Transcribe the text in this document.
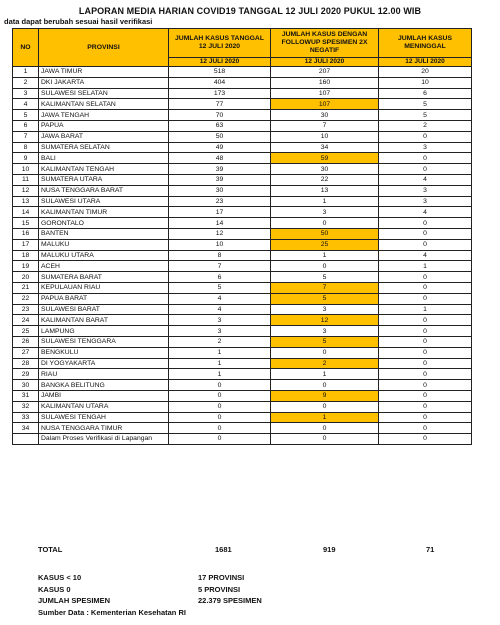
LAPORAN MEDIA HARIAN COVID19 TANGGAL 12 JULI 2020 PUKUL 12.00 WIB
data dapat berubah sesuai hasil verifikasi
NO	PROVINSI	JUMLAH KASUS TANGGAL 12 JULI 2020	JUMLAH KASUS DENGAN FOLLOWUP SPESIMEN 2X NEGATIF	JUMLAH KASUS MENINGGAL
		12 JULI 2020	12 JULI 2020	12 JULI 2020
1	JAWA TIMUR	518	207	20
2	DKI JAKARTA	404	160	10
3	SULAWESI SELATAN	173	107	6
4	KALIMANTAN SELATAN	77	107	5
5	JAWA TENGAH	70	30	5
6	PAPUA	63	7	2
7	JAWA BARAT	50	10	0
8	SUMATERA SELATAN	49	34	3
9	BALI	48	59	0
10	KALIMANTAN TENGAH	39	30	0
11	SUMATERA UTARA	39	22	4
12	NUSA TENGGARA BARAT	30	13	3
13	SULAWESI UTARA	23	1	3
14	KALIMANTAN TIMUR	17	3	4
15	GORONTALO	14	0	0
16	BANTEN	12	50	0
17	MALUKU	10	25	0
18	MALUKU UTARA	8	1	4
19	ACEH	7	0	1
20	SUMATERA BARAT	6	5	0
21	KEPULAUAN RIAU	5	7	0
22	PAPUA BARAT	4	5	0
23	SULAWESI BARAT	4	3	1
24	KALIMANTAN BARAT	3	12	0
25	LAMPUNG	3	3	0
26	SULAWESI TENGGARA	2	5	0
27	BENGKULU	1	0	0
28	DI YOGYAKARTA	1	2	0
29	RIAU	1	1	0
30	BANGKA BELITUNG	0	0	0
31	JAMBI	0	9	0
32	KALIMANTAN UTARA	0	0	0
33	SULAWESI TENGAH	0	1	0
34	NUSA TENGGARA TIMUR	0	0	0
	Dalam Proses Verifikasi di Lapangan	0	0	0
TOTAL	1681	919	71
KASUS < 10	17 PROVINSI
KASUS 0	5 PROVINSI
JUMLAH SPESIMEN	22.379 SPESIMEN
Sumber Data : Kementerian Kesehatan RI
